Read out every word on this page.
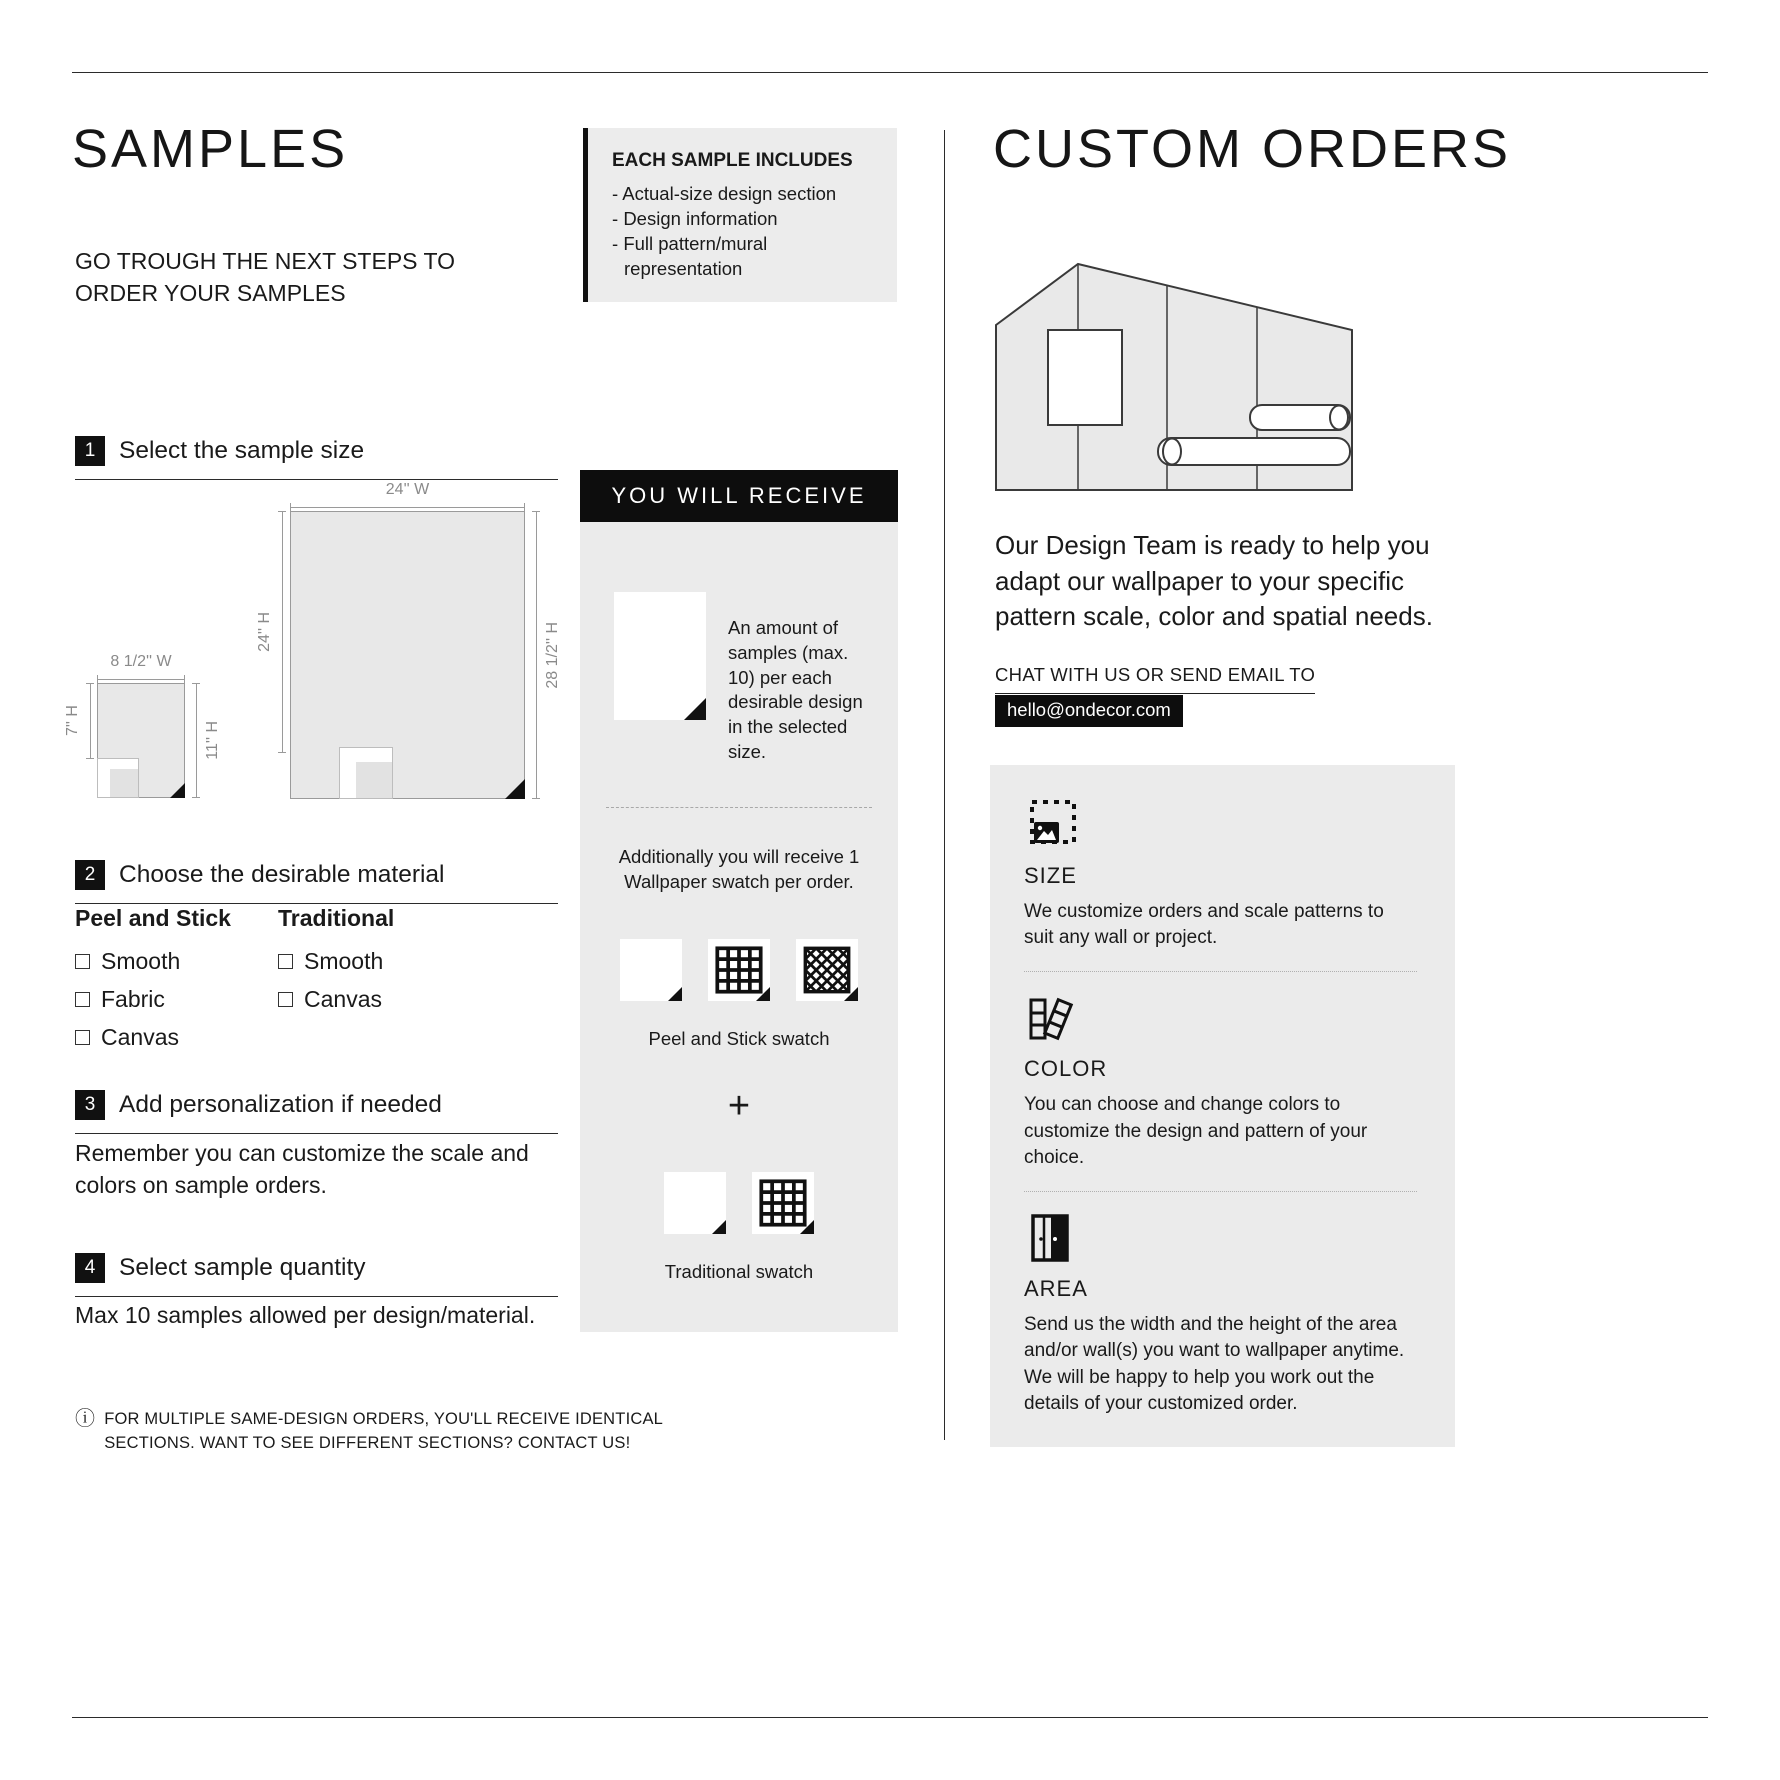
SAMPLES	EACH SAMPLE INCLUDES
- Actual-size design section
- Design information
- Full pattern/mural representation

GO TROUGH THE NEXT STEPS TO ORDER YOUR SAMPLES

1 Select the sample size
24'' W
24'' H	28 1/2'' H
8 1/2'' W
7'' H
11'' H
2 Choose the desirable material
Peel and Stick
Smooth
Fabric
Canvas
Traditional
Smooth
Canvas
3 Add personalization if needed

Remember you can customize the scale and colors on sample orders.

4 Select sample quantity

Max 10 samples allowed per design/material.

ⓘ FOR MULTIPLE SAME-DESIGN ORDERS, YOU'LL RECEIVE IDENTICAL SECTIONS. WANT TO SEE DIFFERENT SECTIONS? CONTACT US!
YOU WILL RECEIVE
An amount of samples (max. 10) per each desirable design in the selected size.
Additionally you will receive 1 Wallpaper swatch per order.
Peel and Stick swatch
+
Traditional swatch
CUSTOM ORDERS

Our Design Team is ready to help you adapt our wallpaper to your specific pattern scale, color and spatial needs.

CHAT WITH US OR SEND EMAIL TO
hello@ondecor.com
SIZE
We customize orders and scale patterns to suit any wall or project.
COLOR
You can choose and change colors to customize the design and pattern of your choice.
AREA
Send us the width and the height of the area and/or wall(s) you want to wallpaper anytime. We will be happy to help you work out the details of your customized order.
